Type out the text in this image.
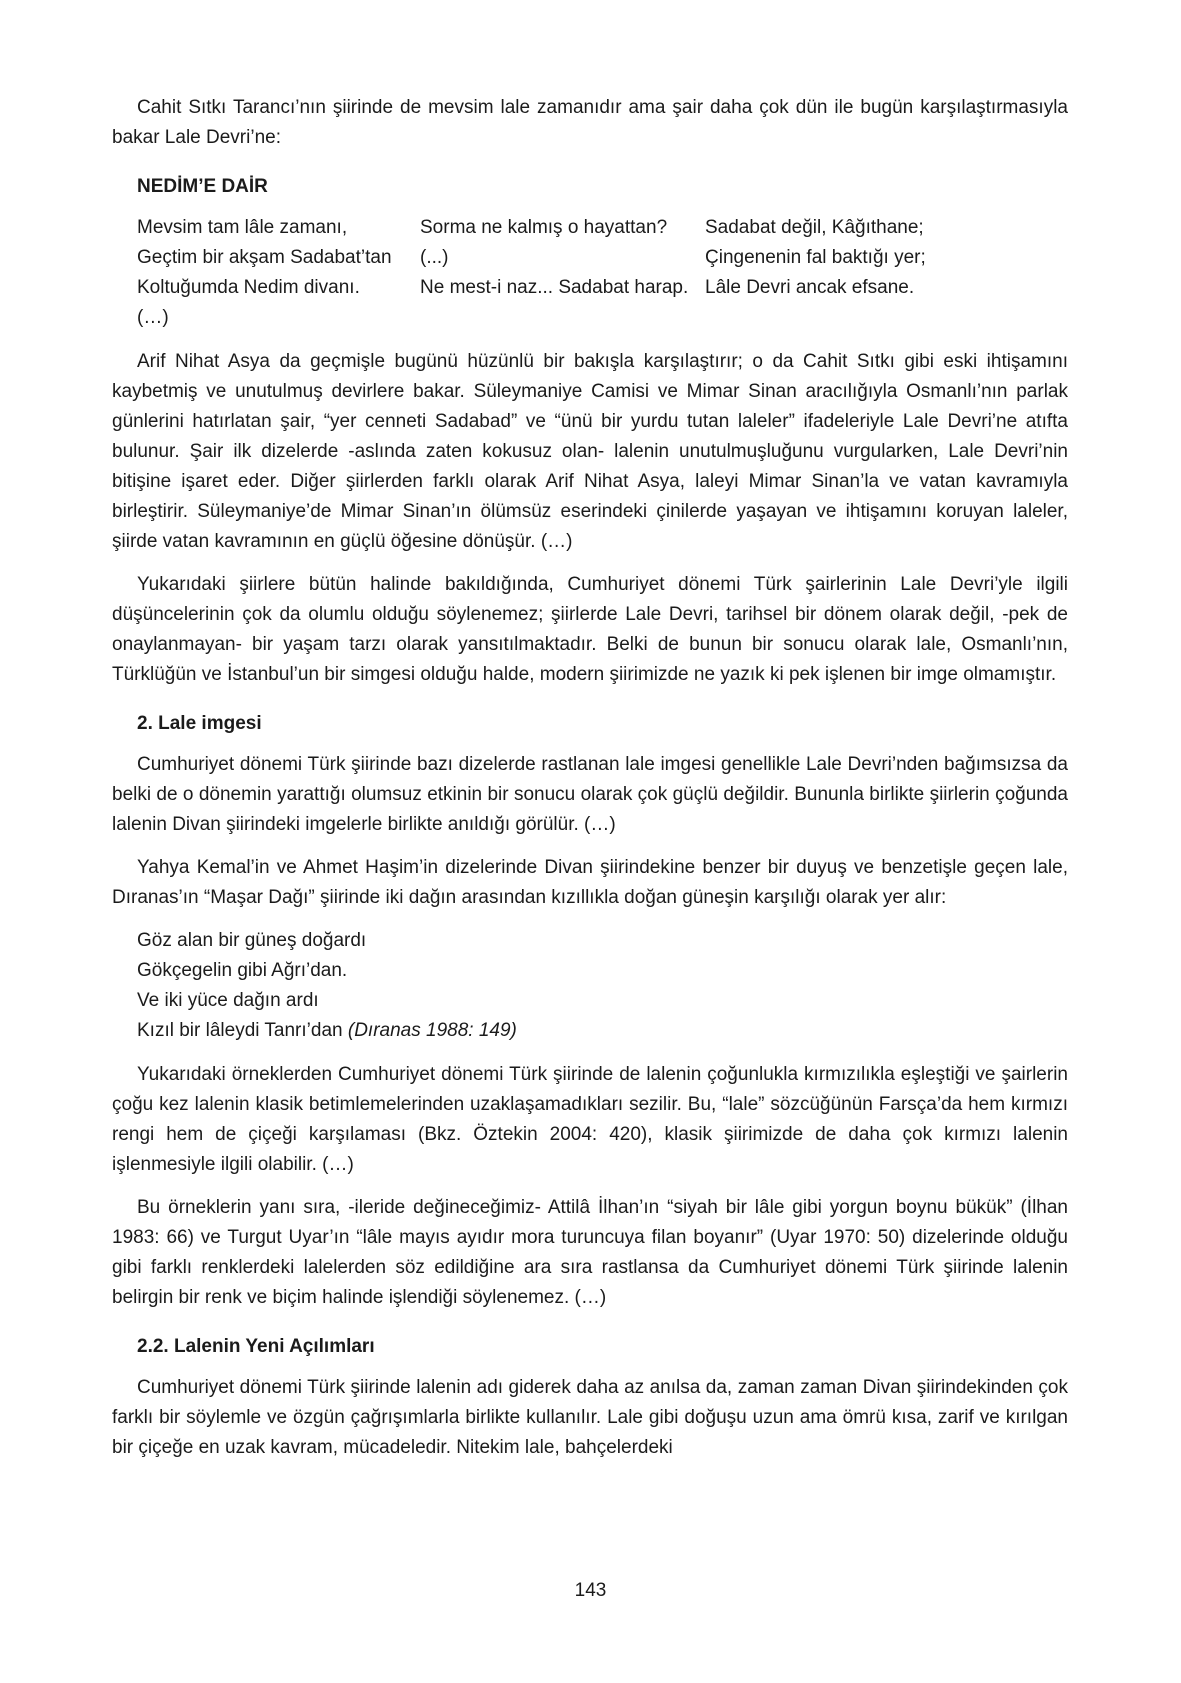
Cahit Sıtkı Tarancı’nın şiirinde de mevsim lale zamanıdır ama şair daha çok dün ile bugün karşılaştırmasıyla bakar Lale Devri’ne:

NEDİM’E DAİR

Mevsim tam lâle zamanı,

Geçtim bir akşam Sadabat’tan

Koltuğumda Nedim divanı.

(…)

Sorma ne kalmış o hayattan?

(...)

Ne mest-i naz... Sadabat harap.

Sadabat değil, Kâğıthane;

Çingenenin fal baktığı yer;

Lâle Devri ancak efsane.

Arif Nihat Asya da geçmişle bugünü hüzünlü bir bakışla karşılaştırır; o da Cahit Sıtkı gibi eski ihtişamını kaybetmiş ve unutulmuş devirlere bakar. Süleymaniye Camisi ve Mimar Sinan aracılığıyla Osmanlı’nın parlak günlerini hatırlatan şair, “yer cenneti Sadabad” ve “ünü bir yurdu tutan laleler” ifadeleriyle Lale Devri’ne atıfta bulunur. Şair ilk dizelerde -aslında zaten kokusuz olan- lalenin unutulmuşluğunu vurgularken, Lale Devri’nin bitişine işaret eder. Diğer şiirlerden farklı olarak Arif Nihat Asya, laleyi Mimar Sinan’la ve vatan kavramıyla birleştirir. Süleymaniye’de Mimar Sinan’ın ölümsüz eserindeki çinilerde yaşayan ve ihtişamını koruyan laleler, şiirde vatan kavramının en güçlü öğesine dönüşür. (…)

Yukarıdaki şiirlere bütün halinde bakıldığında, Cumhuriyet dönemi Türk şairlerinin Lale Devri’yle ilgili düşüncelerinin çok da olumlu olduğu söylenemez; şiirlerde Lale Devri, tarihsel bir dönem olarak değil, -pek de onaylanmayan- bir yaşam tarzı olarak yansıtılmaktadır. Belki de bunun bir sonucu olarak lale, Osmanlı’nın, Türklüğün ve İstanbul’un bir simgesi olduğu halde, modern şiirimizde ne yazık ki pek işlenen bir imge olmamıştır.

2. Lale imgesi

Cumhuriyet dönemi Türk şiirinde bazı dizelerde rastlanan lale imgesi genellikle Lale Devri’nden bağımsızsa da belki de o dönemin yarattığı olumsuz etkinin bir sonucu olarak çok güçlü değildir. Bununla birlikte şiirlerin çoğunda lalenin Divan şiirindeki imgelerle birlikte anıldığı görülür. (…)

Yahya Kemal’in ve Ahmet Haşim’in dizelerinde Divan şiirindekine benzer bir duyuş ve benzetişle geçen lale, Dıranas’ın “Maşar Dağı” şiirinde iki dağın arasından kızıllıkla doğan güneşin karşılığı olarak yer alır:

Göz alan bir güneş doğardı

Gökçegelin gibi Ağrı’dan.

Ve iki yüce dağın ardı

Kızıl bir lâleydi Tanrı’dan (Dıranas 1988: 149)

Yukarıdaki örneklerden Cumhuriyet dönemi Türk şiirinde de lalenin çoğunlukla kırmızılıkla eşleştiği ve şairlerin çoğu kez lalenin klasik betimlemelerinden uzaklaşamadıkları sezilir. Bu, “lale” sözcüğünün Farsça’da hem kırmızı rengi hem de çiçeği karşılaması (Bkz. Öztekin 2004: 420), klasik şiirimizde de daha çok kırmızı lalenin işlenmesiyle ilgili olabilir. (…)

Bu örneklerin yanı sıra, -ileride değineceğimiz- Attilâ İlhan’ın “siyah bir lâle gibi yorgun boynu bükük” (İlhan 1983: 66) ve Turgut Uyar’ın “lâle mayıs ayıdır mora turuncuya filan boyanır” (Uyar 1970: 50) dizelerinde olduğu gibi farklı renklerdeki lalelerden söz edildiğine ara sıra rastlansa da Cumhuriyet dönemi Türk şiirinde lalenin belirgin bir renk ve biçim halinde işlendiği söylenemez. (…)

2.2. Lalenin Yeni Açılımları

Cumhuriyet dönemi Türk şiirinde lalenin adı giderek daha az anılsa da, zaman zaman Divan şiirindekinden çok farklı bir söylemle ve özgün çağrışımlarla birlikte kullanılır. Lale gibi doğuşu uzun ama ömrü kısa, zarif ve kırılgan bir çiçeğe en uzak kavram, mücadeledir. Nitekim lale, bahçelerdeki

143
